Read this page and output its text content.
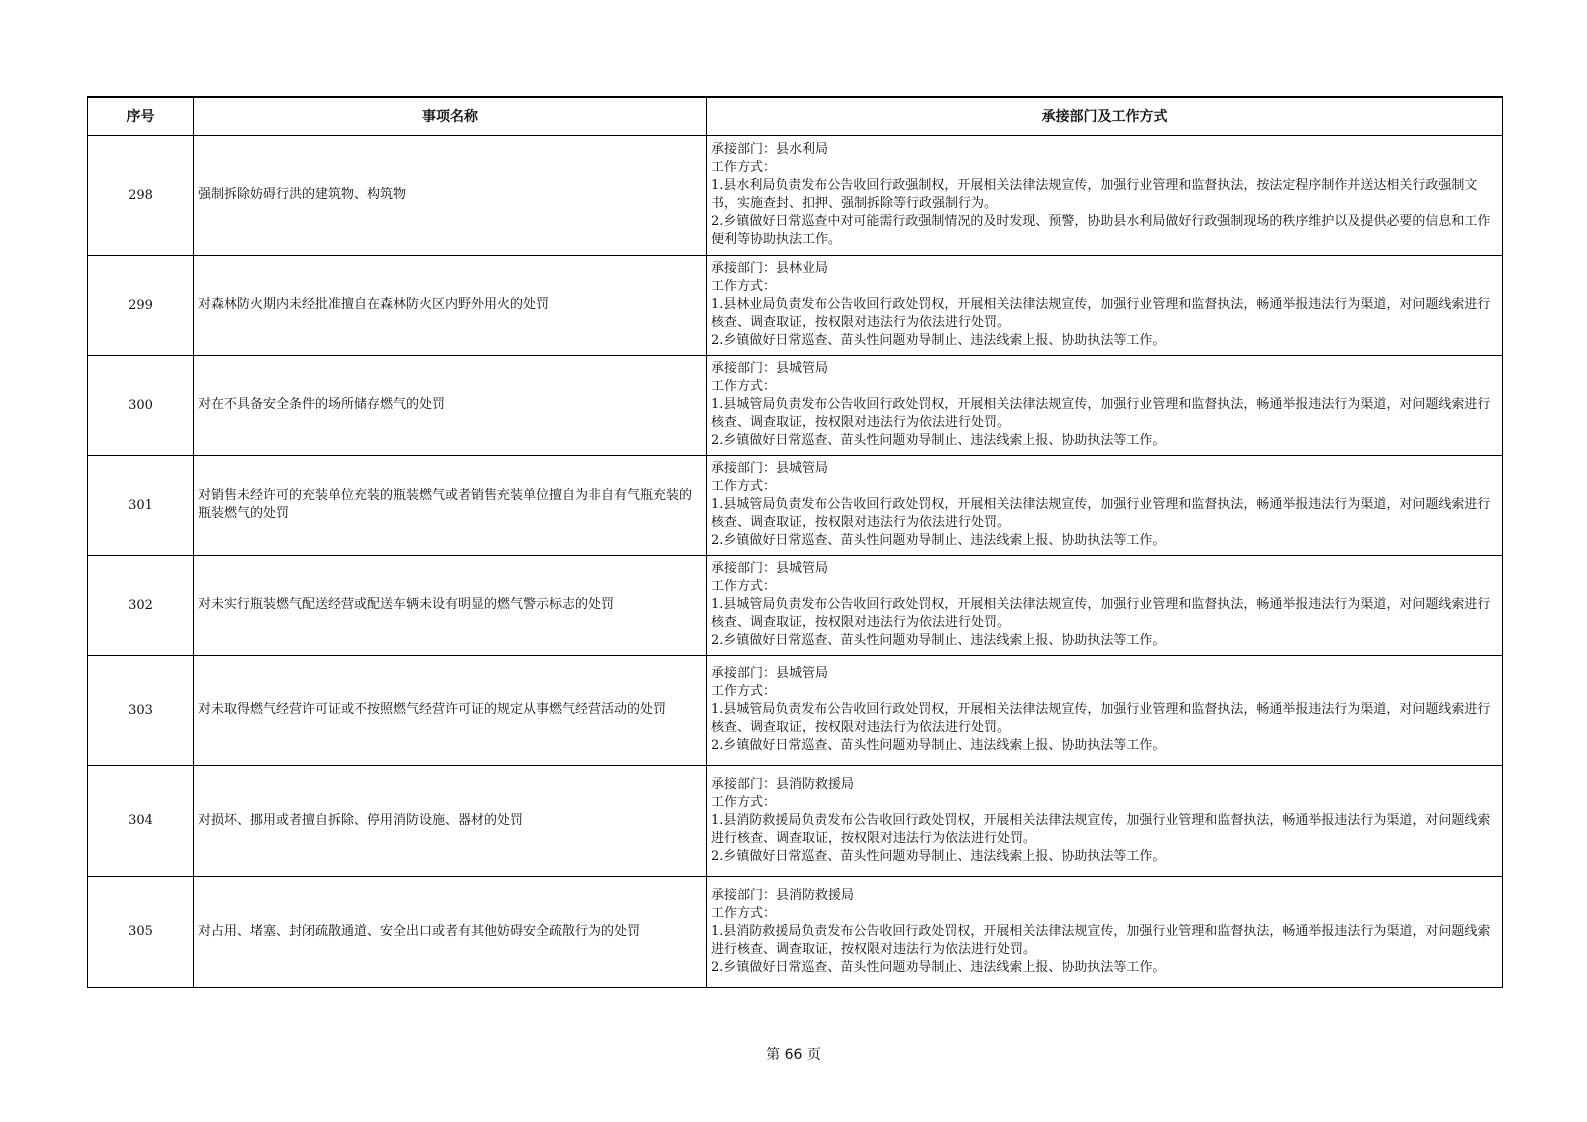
序号	事项名称	承接部门及工作方式
298	强制拆除妨碍行洪的建筑物、构筑物	承接部门：县水利局
工作方式：
1.县水利局负责发布公告收回行政强制权，开展相关法律法规宣传，加强行业管理和监督执法，按法定程序制作并送达相关行政强制文书，实施查封、扣押、强制拆除等行政强制行为。
2.乡镇做好日常巡查中对可能需行政强制情况的及时发现、预警，协助县水利局做好行政强制现场的秩序维护以及提供必要的信息和工作便利等协助执法工作。

299	对森林防火期内未经批准擅自在森林防火区内野外用火的处罚	承接部门：县林业局
工作方式：
1.县林业局负责发布公告收回行政处罚权，开展相关法律法规宣传，加强行业管理和监督执法，畅通举报违法行为渠道，对问题线索进行核查、调查取证，按权限对违法行为依法进行处罚。
2.乡镇做好日常巡查、苗头性问题劝导制止、违法线索上报、协助执法等工作。

300	对在不具备安全条件的场所储存燃气的处罚	承接部门：县城管局
工作方式：
1.县城管局负责发布公告收回行政处罚权，开展相关法律法规宣传，加强行业管理和监督执法，畅通举报违法行为渠道，对问题线索进行核查、调查取证，按权限对违法行为依法进行处罚。
2.乡镇做好日常巡查、苗头性问题劝导制止、违法线索上报、协助执法等工作。

301	对销售未经许可的充装单位充装的瓶装燃气或者销售充装单位擅自为非自有气瓶充装的瓶装燃气的处罚	承接部门：县城管局
工作方式：
1.县城管局负责发布公告收回行政处罚权，开展相关法律法规宣传，加强行业管理和监督执法，畅通举报违法行为渠道，对问题线索进行核查、调查取证，按权限对违法行为依法进行处罚。
2.乡镇做好日常巡查、苗头性问题劝导制止、违法线索上报、协助执法等工作。

302	对未实行瓶装燃气配送经营或配送车辆未设有明显的燃气警示标志的处罚	承接部门：县城管局
工作方式：
1.县城管局负责发布公告收回行政处罚权，开展相关法律法规宣传，加强行业管理和监督执法，畅通举报违法行为渠道，对问题线索进行核查、调查取证，按权限对违法行为依法进行处罚。
2.乡镇做好日常巡查、苗头性问题劝导制止、违法线索上报、协助执法等工作。

303	对未取得燃气经营许可证或不按照燃气经营许可证的规定从事燃气经营活动的处罚	承接部门：县城管局
工作方式：
1.县城管局负责发布公告收回行政处罚权，开展相关法律法规宣传，加强行业管理和监督执法，畅通举报违法行为渠道，对问题线索进行核查、调查取证，按权限对违法行为依法进行处罚。
2.乡镇做好日常巡查、苗头性问题劝导制止、违法线索上报、协助执法等工作。

304	对损坏、挪用或者擅自拆除、停用消防设施、器材的处罚	承接部门：县消防救援局
工作方式：
1.县消防救援局负责发布公告收回行政处罚权，开展相关法律法规宣传，加强行业管理和监督执法，畅通举报违法行为渠道，对问题线索进行核查、调查取证，按权限对违法行为依法进行处罚。
2.乡镇做好日常巡查、苗头性问题劝导制止、违法线索上报、协助执法等工作。

305	对占用、堵塞、封闭疏散通道、安全出口或者有其他妨碍安全疏散行为的处罚	承接部门：县消防救援局
工作方式：
1.县消防救援局负责发布公告收回行政处罚权，开展相关法律法规宣传，加强行业管理和监督执法，畅通举报违法行为渠道，对问题线索进行核查、调查取证，按权限对违法行为依法进行处罚。
2.乡镇做好日常巡查、苗头性问题劝导制止、违法线索上报、协助执法等工作。
第 66 页
